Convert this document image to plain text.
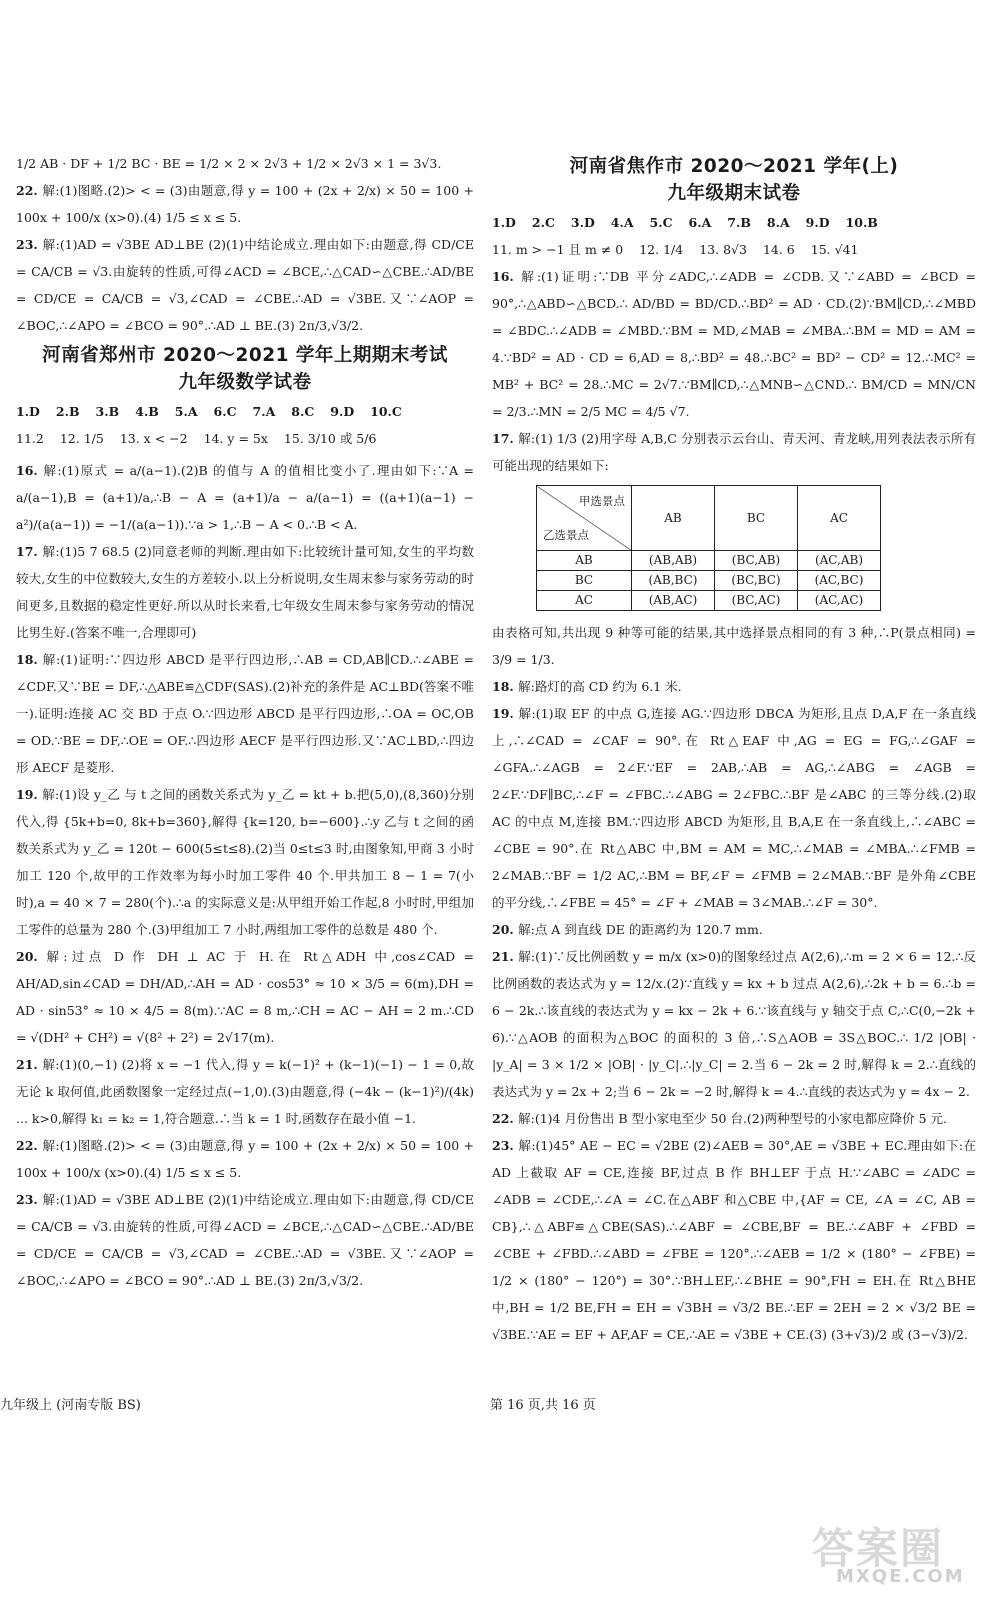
1/2 AB · DF + 1/2 BC · BE = 1/2 × 2 × 2√3 + 1/2 × 2√3 × 1 = 3√3.

22. 解:(1)图略.(2)> < = (3)由题意,得 y = 100 + (2x + 2/x) × 50 = 100 + 100x + 100/x (x>0).(4) 1/5 ≤ x ≤ 5.

23. 解:(1)AD = √3BE AD⊥BE (2)(1)中结论成立.理由如下:由题意,得 CD/CE = CA/CB = √3.由旋转的性质,可得∠ACD = ∠BCE,∴△CAD∽△CBE.∴AD/BE = CD/CE = CA/CB = √3,∠CAD = ∠CBE.∴AD = √3BE.又∵∠AOP = ∠BOC,∴∠APO = ∠BCO = 90°.∴AD ⊥ BE.(3) 2π/3,√3/2.

河南省郑州市 2020～2021 学年上期期末考试
九年级数学试卷
1.D 2.B 3.B 4.B 5.A 6.C 7.A 8.C 9.D 10.C
11.2 12. 1/5 13. x < −2 14. y = 5x 15. 3/10 或 5/6

16. 解:(1)原式 = a/(a−1).(2)B 的值与 A 的值相比变小了.理由如下:∵A = a/(a−1),B = (a+1)/a,∴B − A = (a+1)/a − a/(a−1) = ((a+1)(a−1) − a²)/(a(a−1)) = −1/(a(a−1)).∵a > 1,∴B − A < 0.∴B < A.

17. 解:(1)5 7 68.5 (2)同意老师的判断.理由如下:比较统计量可知,女生的平均数较大,女生的中位数较大,女生的方差较小.以上分析说明,女生周末参与家务劳动的时间更多,且数据的稳定性更好.所以从时长来看,七年级女生周末参与家务劳动的情况比男生好.(答案不唯一,合理即可)

18. 解:(1)证明:∵四边形 ABCD 是平行四边形,∴AB = CD,AB∥CD.∴∠ABE = ∠CDF.又∵BE = DF,∴△ABE≌△CDF(SAS).(2)补充的条件是 AC⊥BD(答案不唯一).证明:连接 AC 交 BD 于点 O.∵四边形 ABCD 是平行四边形,∴OA = OC,OB = OD.∵BE = DF,∴OE = OF.∴四边形 AECF 是平行四边形.又∵AC⊥BD,∴四边形 AECF 是菱形.

19. 解:(1)设 y_乙 与 t 之间的函数关系式为 y_乙 = kt + b.把(5,0),(8,360)分别代入,得 {5k+b=0, 8k+b=360},解得 {k=120, b=−600}.∴y 乙与 t 之间的函数关系式为 y_乙 = 120t − 600(5≤t≤8).(2)当 0≤t≤3 时,由图象知,甲商 3 小时加工 120 个,故甲的工作效率为每小时加工零件 40 个.甲共加工 8 − 1 = 7(小时),a = 40 × 7 = 280(个).∴a 的实际意义是:从甲组开始工作起,8 小时时,甲组加工零件的总量为 280 个.(3)甲组加工 7 小时,两组加工零件的总数是 480 个.

20. 解:过点 D 作 DH ⊥ AC 于 H.在 Rt△ADH 中,cos∠CAD = AH/AD,sin∠CAD = DH/AD,∴AH = AD · cos53° ≈ 10 × 3/5 = 6(m),DH = AD · sin53° ≈ 10 × 4/5 = 8(m).∵AC = 8 m,∴CH = AC − AH = 2 m.∴CD = √(DH² + CH²) = √(8² + 2²) = 2√17(m).

21. 解:(1)(0,−1) (2)将 x = −1 代入,得 y = k(−1)² + (k−1)(−1) − 1 = 0,故无论 k 取何值,此函数图象一定经过点(−1,0).(3)由题意,得 (−4k − (k−1)²)/(4k) ... k>0,解得 k₁ = k₂ = 1,符合题意.∴当 k = 1 时,函数存在最小值 −1.

22. 解:(1)图略.(2)> < = (3)由题意,得 y = 100 + (2x + 2/x) × 50 = 100 + 100x + 100/x (x>0).(4) 1/5 ≤ x ≤ 5.

23. 解:(1)AD = √3BE AD⊥BE (2)(1)中结论成立.理由如下:由题意,得 CD/CE = CA/CB = √3.由旋转的性质,可得∠ACD = ∠BCE,∴△CAD∽△CBE.∴AD/BE = CD/CE = CA/CB = √3,∠CAD = ∠CBE.∴AD = √3BE.又∵∠AOP = ∠BOC,∴∠APO = ∠BCO = 90°.∴AD ⊥ BE.(3) 2π/3,√3/2.

河南省焦作市 2020～2021 学年(上)
九年级期末试卷
1.D 2.C 3.D 4.A 5.C 6.A 7.B 8.A 9.D 10.B
11. m > −1 且 m ≠ 0 12. 1/4 13. 8√3 14. 6 15. √41

16. 解:(1)证明:∵DB 平分∠ADC,∴∠ADB = ∠CDB.又∵∠ABD = ∠BCD = 90°,∴△ABD∽△BCD.∴ AD/BD = BD/CD.∴BD² = AD · CD.(2)∵BM∥CD,∴∠MBD = ∠BDC.∴∠ADB = ∠MBD.∵BM = MD,∠MAB = ∠MBA.∴BM = MD = AM = 4.∵BD² = AD · CD = 6,AD = 8,∴BD² = 48.∴BC² = BD² − CD² = 12.∴MC² = MB² + BC² = 28.∴MC = 2√7.∵BM∥CD,∴△MNB∽△CND.∴ BM/CD = MN/CN = 2/3.∴MN = 2/5 MC = 4/5 √7.

17. 解:(1) 1/3 (2)用字母 A,B,C 分别表示云台山、青天河、青龙峡,用列表法表示所有可能出现的结果如下:

甲选景点
乙选景点	AB	BC	AC
AB	(AB,AB)	(BC,AB)	(AC,AB)
BC	(AB,BC)	(BC,BC)	(AC,BC)
AC	(AB,AC)	(BC,AC)	(AC,AC)

由表格可知,共出现 9 种等可能的结果,其中选择景点相同的有 3 种,∴P(景点相同) = 3/9 = 1/3.

18. 解:路灯的高 CD 约为 6.1 米.

19. 解:(1)取 EF 的中点 G,连接 AG.∵四边形 DBCA 为矩形,且点 D,A,F 在一条直线上,∴∠CAD = ∠CAF = 90°.在 Rt△EAF 中,AG = EG = FG,∴∠GAF = ∠GFA.∴∠AGB = 2∠F.∵EF = 2AB,∴AB = AG,∴∠ABG = ∠AGB = 2∠F.∵DF∥BC,∴∠F = ∠FBC.∴∠ABG = 2∠FBC.∴BF 是∠ABC 的三等分线.(2)取 AC 的中点 M,连接 BM.∵四边形 ABCD 为矩形,且 B,A,E 在一条直线上,∴∠ABC = ∠CBE = 90°.在 Rt△ABC 中,BM = AM = MC,∴∠MAB = ∠MBA.∴∠FMB = 2∠MAB.∵BF = 1/2 AC,∴BM = BF,∠F = ∠FMB = 2∠MAB.∵BF 是外角∠CBE 的平分线,∴∠FBE = 45° = ∠F + ∠MAB = 3∠MAB.∴∠F = 30°.

20. 解:点 A 到直线 DE 的距离约为 120.7 mm.

21. 解:(1)∵反比例函数 y = m/x (x>0)的图象经过点 A(2,6),∴m = 2 × 6 = 12.∴反比例函数的表达式为 y = 12/x.(2)∵直线 y = kx + b 过点 A(2,6),∴2k + b = 6.∴b = 6 − 2k.∴该直线的表达式为 y = kx − 2k + 6.∵该直线与 y 轴交于点 C,∴C(0,−2k + 6).∵△AOB 的面积为△BOC 的面积的 3 倍,∴S△AOB = 3S△BOC.∴ 1/2 |OB| · |y_A| = 3 × 1/2 × |OB| · |y_C|.∴|y_C| = 2.当 6 − 2k = 2 时,解得 k = 2.∴直线的表达式为 y = 2x + 2;当 6 − 2k = −2 时,解得 k = 4.∴直线的表达式为 y = 4x − 2.

22. 解:(1)4 月份售出 B 型小家电至少 50 台.(2)两种型号的小家电都应降价 5 元.

23. 解:(1)45° AE − EC = √2BE (2)∠AEB = 30°,AE = √3BE + EC.理由如下:在 AD 上截取 AF = CE,连接 BF,过点 B 作 BH⊥EF 于点 H.∵∠ABC = ∠ADC = ∠ADB = ∠CDE,∴∠A = ∠C.在△ABF 和△CBE 中,{AF = CE, ∠A = ∠C, AB = CB},∴△ABF≌△CBE(SAS).∴∠ABF = ∠CBE,BF = BE.∴∠ABF + ∠FBD = ∠CBE + ∠FBD.∴∠ABD = ∠FBE = 120°.∴∠AEB = 1/2 × (180° − ∠FBE) = 1/2 × (180° − 120°) = 30°.∵BH⊥EF,∴∠BHE = 90°,FH = EH.在 Rt△BHE 中,BH = 1/2 BE,FH = EH = √3BH = √3/2 BE.∴EF = 2EH = 2 × √3/2 BE = √3BE.∵AE = EF + AF,AF = CE,∴AE = √3BE + CE.(3) (3+√3)/2 或 (3−√3)/2.

九年级上 (河南专版 BS)	第 16 页,共 16 页
答案圈
MXQE.COM
